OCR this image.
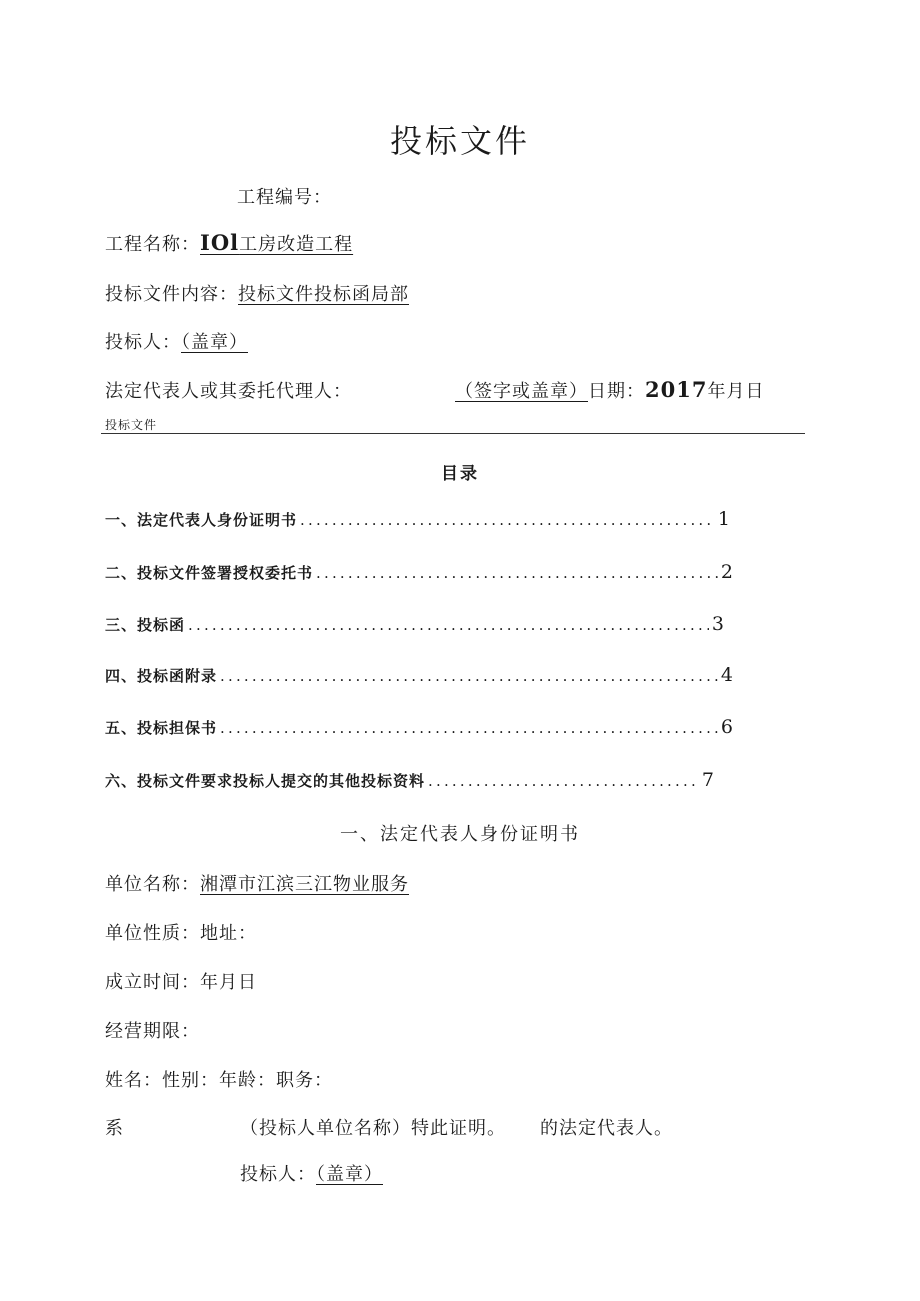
投标文件
工程编号：
工程名称：IOl工房改造工程
投标文件内容：投标文件投标函局部
投标人：（盖章）
法定代表人或其委托代理人：	（签字或盖章）日期：2017年月日
投标文件
目录
一、法定代表人身份证明书 .....	1
二、投标文件签署授权委托书 .....	2
三、投标函 .....	3
四、投标函附录 .....	4
五、投标担保书 .....	6
六、投标文件要求投标人提交的其他投标资料 .....	7
一、法定代表人身份证明书
单位名称：湘潭市江滨三江物业服务
单位性质：地址：
成立时间：年月日
经营期限：
姓名：性别：年龄：职务：
系	（投标人单位名称）特此证明。 的法定代表人。
投标人：（盖章）
